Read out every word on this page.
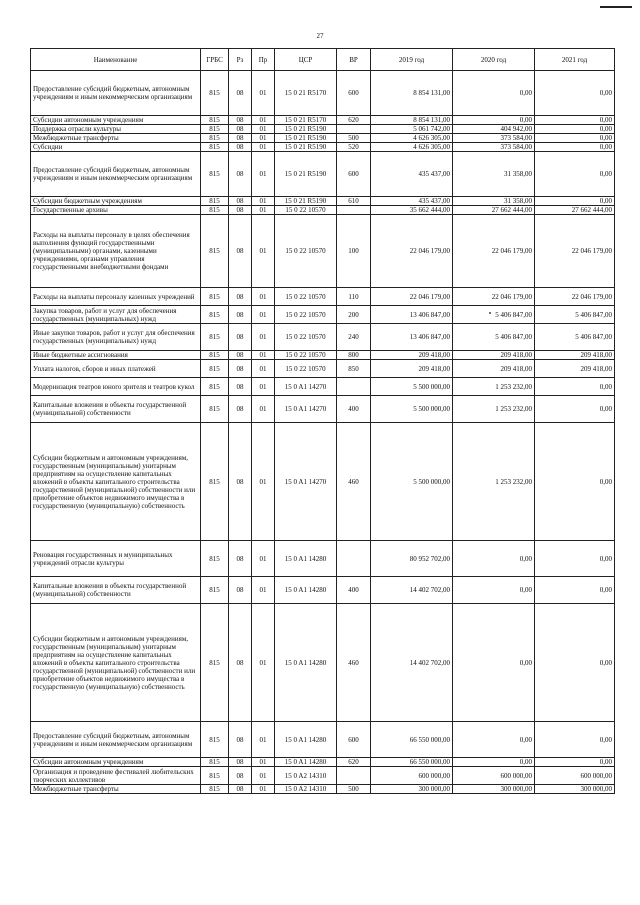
27
Наименование	ГРБС	Рз	Пр	ЦСР	ВР	2019 год	2020 год	2021 год
Предоставление субсидий бюджетным, автономным учреждениям и иным некоммерческим организациям	815	08	01	15 0 21 R5170	600	8 854 131,00	0,00	0,00
Субсидии автономным учреждениям	815	08	01	15 0 21 R5170	620	8 854 131,00	0,00	0,00
Поддержка отрасли культуры	815	08	01	15 0 21 R5190		5 061 742,00	404 942,00	0,00
Межбюджетные трансферты	815	08	01	15 0 21 R5190	500	4 626 305,00	373 584,00	0,00
Субсидии	815	08	01	15 0 21 R5190	520	4 626 305,00	373 584,00	0,00
Предоставление субсидий бюджетным, автономным учреждениям и иным некоммерческим организациям	815	08	01	15 0 21 R5190	600	435 437,00	31 358,00	0,00
Субсидии бюджетным учреждениям	815	08	01	15 0 21 R5190	610	435 437,00	31 358,00	0,00
Государственные архивы	815	08	01	15 0 22 10570		35 662 444,00	27 662 444,00	27 662 444,00
Расходы на выплаты персоналу в целях обеспечения выполнения функций государственными (муниципальными) органами, казенными учреждениями, органами управления государственными внебюджетными фондами	815	08	01	15 0 22 10570	100	22 046 179,00	22 046 179,00	22 046 179,00
Расходы на выплаты персоналу казенных учреждений	815	08	01	15 0 22 10570	110	22 046 179,00	22 046 179,00	22 046 179,00
Закупка товаров, работ и услуг для обеспечения государственных (муниципальных) нужд	815	08	01	15 0 22 10570	200	13 406 847,00	5 406 847,00	5 406 847,00
Иные закупки товаров, работ и услуг для обеспечения государственных (муниципальных) нужд	815	08	01	15 0 22 10570	240	13 406 847,00	5 406 847,00	5 406 847,00
Иные бюджетные ассигнования	815	08	01	15 0 22 10570	800	209 418,00	209 418,00	209 418,00
Уплата налогов, сборов и иных платежей	815	08	01	15 0 22 10570	850	209 418,00	209 418,00	209 418,00
Модернизация театров юного зрителя и театров кукол	815	08	01	15 0 A1 14270		5 500 000,00	1 253 232,00	0,00
Капитальные вложения в объекты государственной (муниципальной) собственности	815	08	01	15 0 A1 14270	400	5 500 000,00	1 253 232,00	0,00
Субсидии бюджетным и автономным учреждениям, государственным (муниципальным) унитарным предприятиям на осуществление капитальных вложений в объекты капитального строительства государственной (муниципальной) собственности или приобретение объектов недвижимого имущества в государственную (муниципальную) собственность	815	08	01	15 0 A1 14270	460	5 500 000,00	1 253 232,00	0,00
Реновация государственных и муниципальных учреждений отрасли культуры	815	08	01	15 0 A1 14280		80 952 702,00	0,00	0,00
Капитальные вложения в объекты государственной (муниципальной) собственности	815	08	01	15 0 A1 14280	400	14 402 702,00	0,00	0,00
Субсидии бюджетным и автономным учреждениям, государственным (муниципальным) унитарным предприятиям на осуществление капитальных вложений в объекты капитального строительства государственной (муниципальной) собственности или приобретение объектов недвижимого имущества в государственную (муниципальную) собственность	815	08	01	15 0 A1 14280	460	14 402 702,00	0,00	0,00
Предоставление субсидий бюджетным, автономным учреждениям и иным некоммерческим организациям	815	08	01	15 0 A1 14280	600	66 550 000,00	0,00	0,00
Субсидии автономным учреждениям	815	08	01	15 0 A1 14280	620	66 550 000,00	0,00	0,00
Организация и проведение фестивалей любительских творческих коллективов	815	08	01	15 0 A2 14310		600 000,00	600 000,00	600 000,00
Межбюджетные трансферты	815	08	01	15 0 A2 14310	500	300 000,00	300 000,00	300 000,00
